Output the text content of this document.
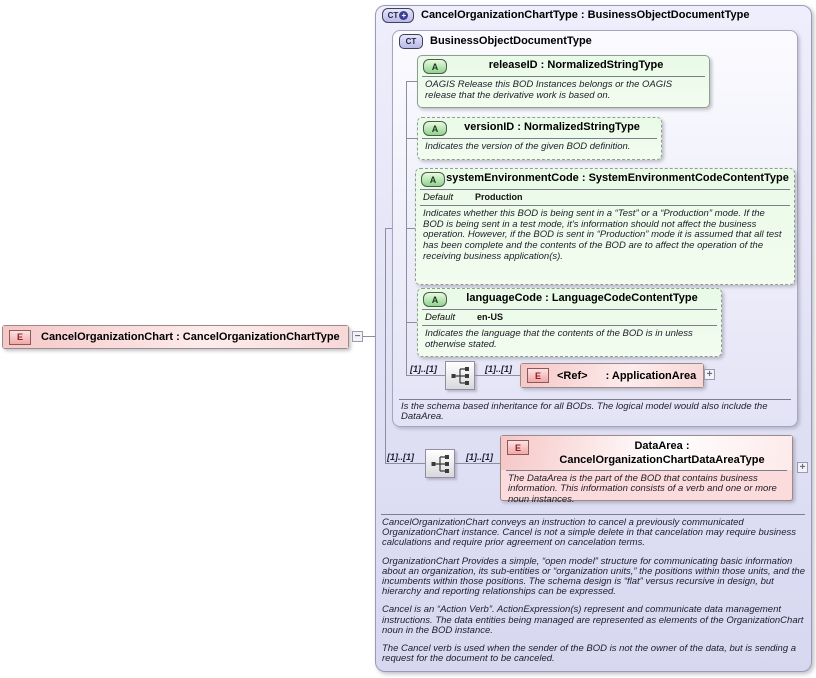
E	CancelOrganizationChart : CancelOrganizationChartType −
CT + CancelOrganizationChartType : BusinessObjectDocumentType
CT	BusinessObjectDocumentType
A	releaseID : NormalizedStringType
OAGIS Release this BOD Instances belongs or the OAGIS release that the derivative work is based on.
A	versionID : NormalizedStringType
Indicates the version of the given BOD definition.
A systemEnvironmentCode : SystemEnvironmentCodeContentType
Default	Production
Indicates whether this BOD is being sent in a “Test” or a “Production” mode. If the BOD is being sent in a test mode, it's information should not affect the business operation. However, if the BOD is sent in “Production” mode it is assumed that all test has been complete and the contents of the BOD are to affect the operation of the receiving business application(s).
A	languageCode : LanguageCodeContentType
Default	en-US
Indicates the language that the contents of the BOD is in unless otherwise stated.
[1]..[1]	[1]..[1]
E	<Ref> : ApplicationArea +
Is the schema based inheritance for all BODs. The logical model would also include the DataArea.
[1]..[1]	[1]..[1]
E	DataArea : CancelOrganizationChartDataAreaType
The DataArea is the part of the BOD that contains business information. This information consists of a verb and one or more noun instances.
+

CancelOrganizationChart conveys an instruction to cancel a previously communicated OrganizationChart instance. Cancel is not a simple delete in that cancelation may require business calculations and require prior agreement on cancelation terms.

OrganizationChart Provides a simple, “open model” structure for communicating basic information about an organization, its sub-entities or “organization units,” the positions within those units, and the incumbents within those positions. The schema design is “flat” versus recursive in design, but hierarchy and reporting relationships can be expressed.

Cancel is an “Action Verb”. ActionExpression(s) represent and communicate data management instructions. The data entities being managed are represented as elements of the OrganizationChart noun in the BOD instance.

The Cancel verb is used when the sender of the BOD is not the owner of the data, but is sending a request for the document to be canceled.
